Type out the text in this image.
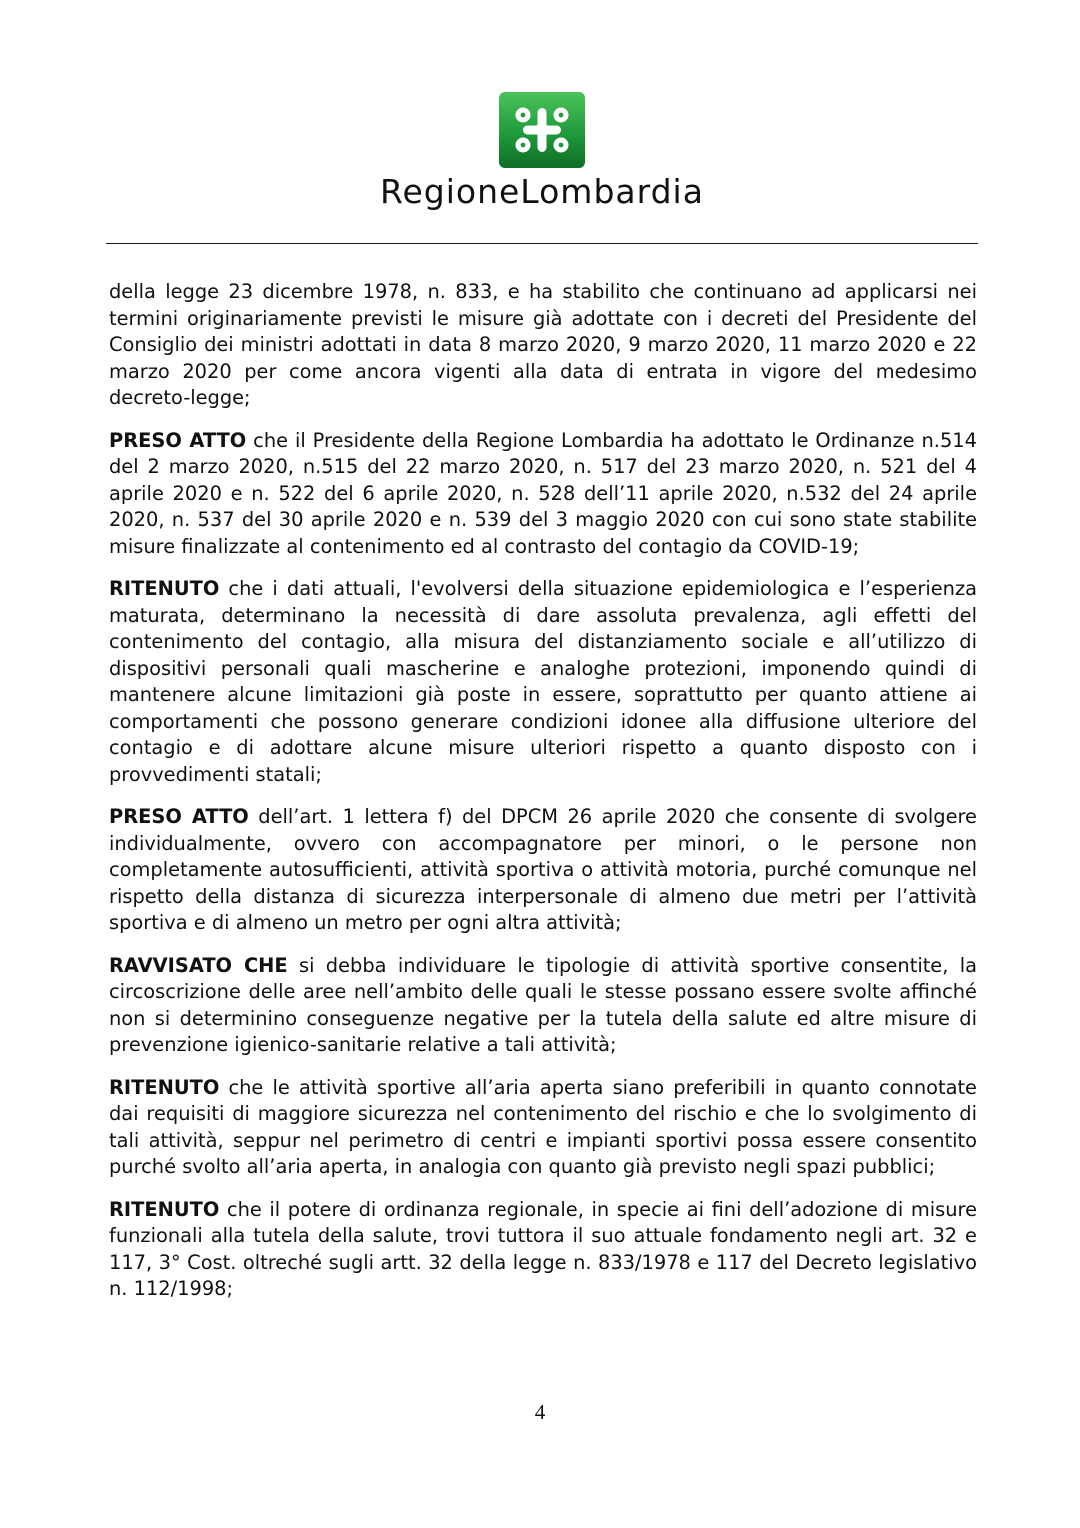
RegioneLombardia

della legge 23 dicembre 1978, n. 833, e ha stabilito che continuano ad applicarsi nei termini originariamente previsti le misure già adottate con i decreti del Presidente del Consiglio dei ministri adottati in data 8 marzo 2020, 9 marzo 2020, 11 marzo 2020 e 22 marzo 2020 per come ancora vigenti alla data di entrata in vigore del medesimo decreto-legge;

PRESO ATTO che il Presidente della Regione Lombardia ha adottato le Ordinanze n.514 del 2 marzo 2020, n.515 del 22 marzo 2020, n. 517 del 23 marzo 2020, n. 521 del 4 aprile 2020 e n. 522 del 6 aprile 2020, n. 528 dell’11 aprile 2020, n.532 del 24 aprile 2020, n. 537 del 30 aprile 2020 e n. 539 del 3 maggio 2020 con cui sono state stabilite misure finalizzate al contenimento ed al contrasto del contagio da COVID-19;

RITENUTO che i dati attuali, l'evolversi della situazione epidemiologica e l’esperienza maturata, determinano la necessità di dare assoluta prevalenza, agli effetti del contenimento del contagio, alla misura del distanziamento sociale e all’utilizzo di dispositivi personali quali mascherine e analoghe protezioni, imponendo quindi di mantenere alcune limitazioni già poste in essere, soprattutto per quanto attiene ai comportamenti che possono generare condizioni idonee alla diffusione ulteriore del contagio e di adottare alcune misure ulteriori rispetto a quanto disposto con i provvedimenti statali;

PRESO ATTO dell’art. 1 lettera f) del DPCM 26 aprile 2020 che consente di svolgere individualmente, ovvero con accompagnatore per minori, o le persone non completamente autosufficienti, attività sportiva o attività motoria, purché comunque nel rispetto della distanza di sicurezza interpersonale di almeno due metri per l’attività sportiva e di almeno un metro per ogni altra attività;

RAVVISATO CHE si debba individuare le tipologie di attività sportive consentite, la circoscrizione delle aree nell’ambito delle quali le stesse possano essere svolte affinché non si determinino conseguenze negative per la tutela della salute ed altre misure di prevenzione igienico-sanitarie relative a tali attività;

RITENUTO che le attività sportive all’aria aperta siano preferibili in quanto connotate dai requisiti di maggiore sicurezza nel contenimento del rischio e che lo svolgimento di tali attività, seppur nel perimetro di centri e impianti sportivi possa essere consentito purché svolto all’aria aperta, in analogia con quanto già previsto negli spazi pubblici;

RITENUTO che il potere di ordinanza regionale, in specie ai fini dell’adozione di misure funzionali alla tutela della salute, trovi tuttora il suo attuale fondamento negli art. 32 e 117, 3° Cost. oltreché sugli artt. 32 della legge n. 833/1978 e 117 del Decreto legislativo n. 112/1998;

4
